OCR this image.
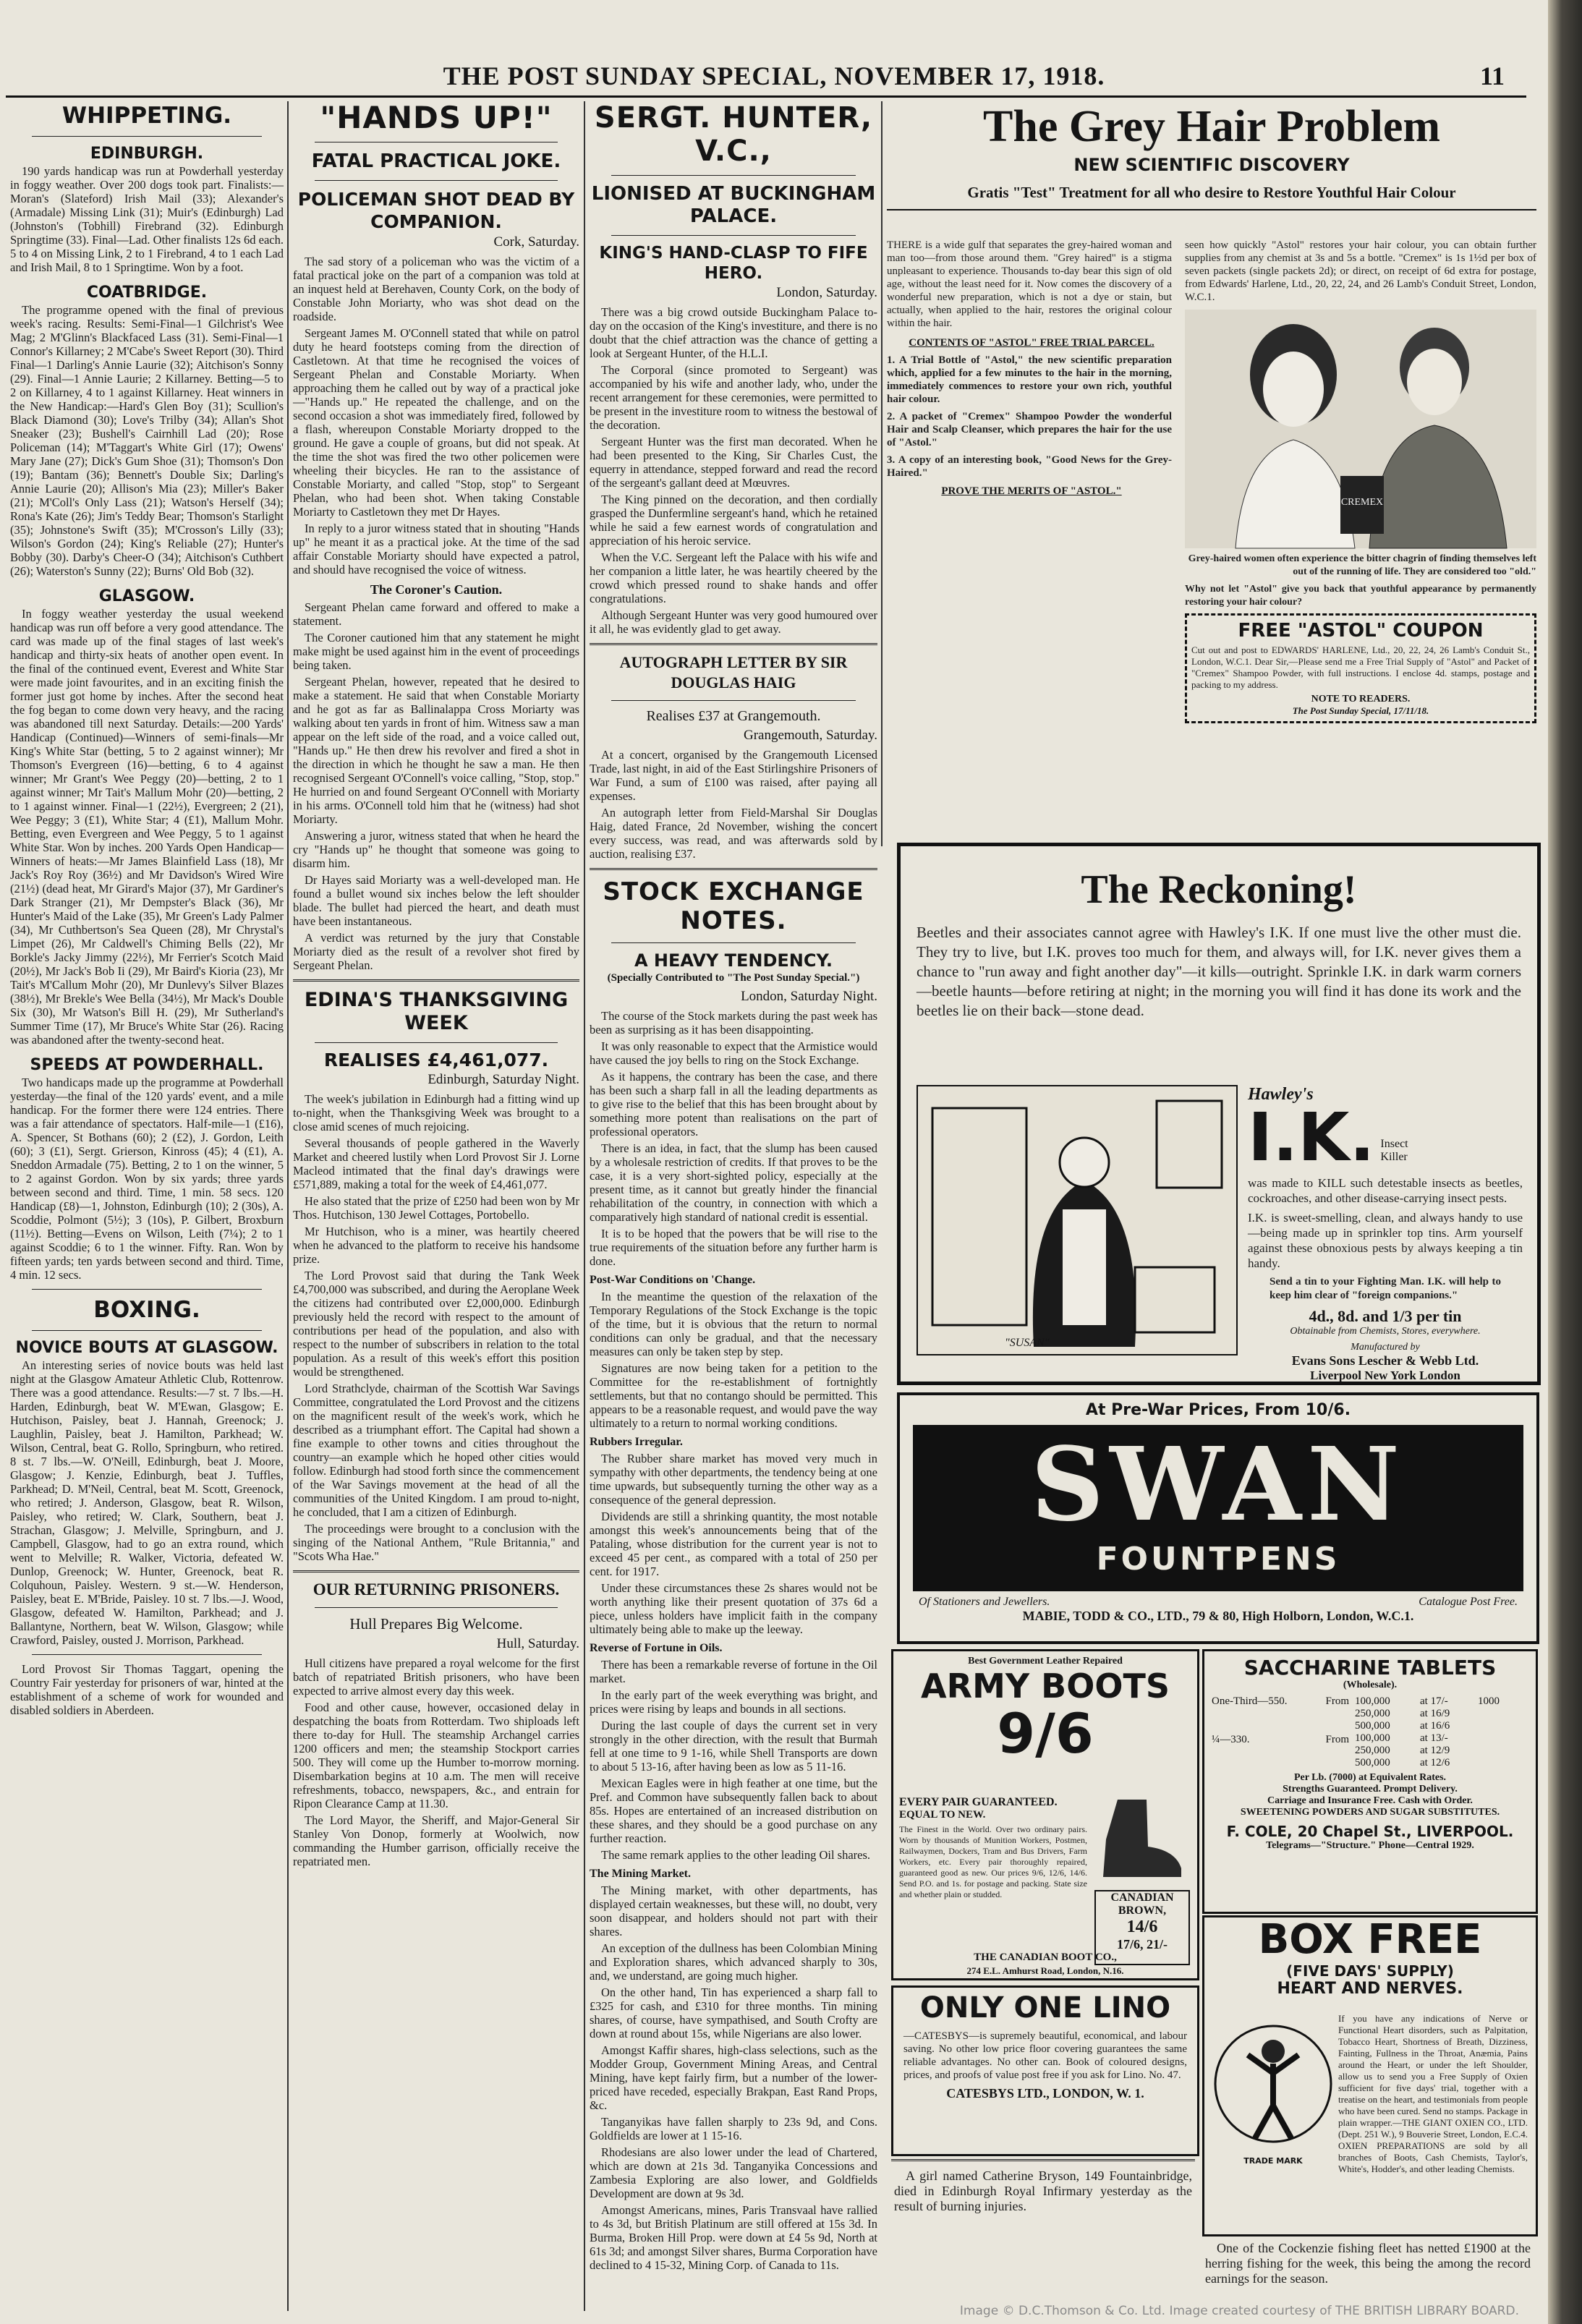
THE POST SUNDAY SPECIAL, NOVEMBER 17, 1918.	11
WHIPPETING.
EDINBURGH.

190 yards handicap was run at Powderhall yesterday in foggy weather. Over 200 dogs took part. Finalists:—Moran's (Slateford) Irish Mail (33); Alexander's (Armadale) Missing Link (31); Muir's (Edinburgh) Lad (Johnston's (Tobhill) Firebrand (32). Edinburgh Springtime (33). Final—Lad. Other finalists 12s 6d each. 5 to 4 on Missing Link, 2 to 1 Firebrand, 4 to 1 each Lad and Irish Mail, 8 to 1 Springtime. Won by a foot.

COATBRIDGE.

The programme opened with the final of previous week's racing. Results: Semi-Final—1 Gilchrist's Wee Mag; 2 M'Glinn's Blackfaced Lass (31). Semi-Final—1 Connor's Killarney; 2 M'Cabe's Sweet Report (30). Third Final—1 Darling's Annie Laurie (32); Aitchison's Sonny (29). Final—1 Annie Laurie; 2 Killarney. Betting—5 to 2 on Killarney, 4 to 1 against Killarney. Heat winners in the New Handicap:—Hard's Glen Boy (31); Scullion's Black Diamond (30); Love's Trilby (34); Allan's Shot Sneaker (23); Bushell's Cairnhill Lad (20); Rose Policeman (14); M'Taggart's White Girl (17); Owens' Mary Jane (27); Dick's Gum Shoe (31); Thomson's Don (19); Bantam (36); Bennett's Double Six; Darling's Annie Laurie (20); Allison's Mia (23); Miller's Baker (21); M'Coll's Only Lass (21); Watson's Herself (34); Rona's Kate (26); Jim's Teddy Bear; Thomson's Starlight (35); Johnstone's Swift (35); M'Crosson's Lilly (33); Wilson's Gordon (24); King's Reliable (27); Hunter's Bobby (30). Darby's Cheer-O (34); Aitchison's Cuthbert (26); Waterston's Sunny (22); Burns' Old Bob (32).

GLASGOW.

In foggy weather yesterday the usual weekend handicap was run off before a very good attendance. The card was made up of the final stages of last week's handicap and thirty-six heats of another open event. In the final of the continued event, Everest and White Star were made joint favourites, and in an exciting finish the former just got home by inches. After the second heat the fog began to come down very heavy, and the racing was abandoned till next Saturday. Details:—200 Yards' Handicap (Continued)—Winners of semi-finals—Mr King's White Star (betting, 5 to 2 against winner); Mr Thomson's Evergreen (16)—betting, 6 to 4 against winner; Mr Grant's Wee Peggy (20)—betting, 2 to 1 against winner; Mr Tait's Mallum Mohr (20)—betting, 2 to 1 against winner. Final—1 (22½), Evergreen; 2 (21), Wee Peggy; 3 (£1), White Star; 4 (£1), Mallum Mohr. Betting, even Evergreen and Wee Peggy, 5 to 1 against White Star. Won by inches. 200 Yards Open Handicap—Winners of heats:—Mr James Blainfield Lass (18), Mr Jack's Roy Roy (36½) and Mr Davidson's Wired Wire (21½) (dead heat, Mr Girard's Major (37), Mr Gardiner's Dark Stranger (21), Mr Dempster's Black (36), Mr Hunter's Maid of the Lake (35), Mr Green's Lady Palmer (34), Mr Cuthbertson's Sea Queen (28), Mr Chrystal's Limpet (26), Mr Caldwell's Chiming Bells (22), Mr Borkle's Jacky Jimmy (22½), Mr Ferrier's Scotch Maid (20½), Mr Jack's Bob Ii (29), Mr Baird's Kioria (23), Mr Tait's M'Callum Mohr (20), Mr Dunlevy's Silver Blazes (38½), Mr Brekle's Wee Bella (34½), Mr Mack's Double Six (30), Mr Watson's Bill H. (29), Mr Sutherland's Summer Time (17), Mr Bruce's White Star (26). Racing was abandoned after the twenty-second heat.

SPEEDS AT POWDERHALL.

Two handicaps made up the programme at Powderhall yesterday—the final of the 120 yards' event, and a mile handicap. For the former there were 124 entries. There was a fair attendance of spectators. Half-mile—1 (£16), A. Spencer, St Bothans (60); 2 (£2), J. Gordon, Leith (60); 3 (£1), Sergt. Grierson, Kinross (45); 4 (£1), A. Sneddon Armadale (75). Betting, 2 to 1 on the winner, 5 to 2 against Gordon. Won by six yards; three yards between second and third. Time, 1 min. 58 secs. 120 Handicap (£8)—1, Johnston, Edinburgh (10); 2 (30s), A. Scoddie, Polmont (5½); 3 (10s), P. Gilbert, Broxburn (11½). Betting—Evens on Wilson, Leith (7¼); 2 to 1 against Scoddie; 6 to 1 the winner. Fifty. Ran. Won by fifteen yards; ten yards between second and third. Time, 4 min. 12 secs.

BOXING.
NOVICE BOUTS AT GLASGOW.

An interesting series of novice bouts was held last night at the Glasgow Amateur Athletic Club, Rottenrow. There was a good attendance. Results:—7 st. 7 lbs.—H. Harden, Edinburgh, beat W. M'Ewan, Glasgow; E. Hutchison, Paisley, beat J. Hannah, Greenock; J. Laughlin, Paisley, beat J. Hamilton, Parkhead; W. Wilson, Central, beat G. Rollo, Springburn, who retired. 8 st. 7 lbs.—W. O'Neill, Edinburgh, beat J. Moore, Glasgow; J. Kenzie, Edinburgh, beat J. Tuffles, Parkhead; D. M'Neil, Central, beat M. Scott, Greenock, who retired; J. Anderson, Glasgow, beat R. Wilson, Paisley, who retired; W. Clark, Southern, beat J. Strachan, Glasgow; J. Melville, Springburn, and J. Campbell, Glasgow, had to go an extra round, which went to Melville; R. Walker, Victoria, defeated W. Dunlop, Greenock; W. Hunter, Greenock, beat R. Colquhoun, Paisley. Western. 9 st.—W. Henderson, Paisley, beat E. M'Bride, Paisley. 10 st. 7 lbs.—J. Wood, Glasgow, defeated W. Hamilton, Parkhead; and J. Ballantyne, Northern, beat W. Wilson, Glasgow; while Crawford, Paisley, ousted J. Morrison, Parkhead.

Lord Provost Sir Thomas Taggart, opening the Country Fair yesterday for prisoners of war, hinted at the establishment of a scheme of work for wounded and disabled soldiers in Aberdeen.

"HANDS UP!"
FATAL PRACTICAL JOKE.
POLICEMAN SHOT DEAD BY COMPANION.
Cork, Saturday.

The sad story of a policeman who was the victim of a fatal practical joke on the part of a companion was told at an inquest held at Berehaven, County Cork, on the body of Constable John Moriarty, who was shot dead on the roadside.

Sergeant James M. O'Connell stated that while on patrol duty he heard footsteps coming from the direction of Castletown. At that time he recognised the voices of Sergeant Phelan and Constable Moriarty. When approaching them he called out by way of a practical joke—"Hands up." He repeated the challenge, and on the second occasion a shot was immediately fired, followed by a flash, whereupon Constable Moriarty dropped to the ground. He gave a couple of groans, but did not speak. At the time the shot was fired the two other policemen were wheeling their bicycles. He ran to the assistance of Constable Moriarty, and called "Stop, stop" to Sergeant Phelan, who had been shot. When taking Constable Moriarty to Castletown they met Dr Hayes.

In reply to a juror witness stated that in shouting "Hands up" he meant it as a practical joke. At the time of the sad affair Constable Moriarty should have expected a patrol, and should have recognised the voice of witness.

The Coroner's Caution.

Sergeant Phelan came forward and offered to make a statement.

The Coroner cautioned him that any statement he might make might be used against him in the event of proceedings being taken.

Sergeant Phelan, however, repeated that he desired to make a statement. He said that when Constable Moriarty and he got as far as Ballinalappa Cross Moriarty was walking about ten yards in front of him. Witness saw a man appear on the left side of the road, and a voice called out, "Hands up." He then drew his revolver and fired a shot in the direction in which he thought he saw a man. He then recognised Sergeant O'Connell's voice calling, "Stop, stop." He hurried on and found Sergeant O'Connell with Moriarty in his arms. O'Connell told him that he (witness) had shot Moriarty.

Answering a juror, witness stated that when he heard the cry "Hands up" he thought that someone was going to disarm him.

Dr Hayes said Moriarty was a well-developed man. He found a bullet wound six inches below the left shoulder blade. The bullet had pierced the heart, and death must have been instantaneous.

A verdict was returned by the jury that Constable Moriarty died as the result of a revolver shot fired by Sergeant Phelan.

EDINA'S THANKSGIVING WEEK
REALISES £4,461,077.
Edinburgh, Saturday Night.

The week's jubilation in Edinburgh had a fitting wind up to-night, when the Thanksgiving Week was brought to a close amid scenes of much rejoicing.

Several thousands of people gathered in the Waverly Market and cheered lustily when Lord Provost Sir J. Lorne Macleod intimated that the final day's drawings were £571,889, making a total for the week of £4,461,077.

He also stated that the prize of £250 had been won by Mr Thos. Hutchison, 130 Jewel Cottages, Portobello.

Mr Hutchison, who is a miner, was heartily cheered when he advanced to the platform to receive his handsome prize.

The Lord Provost said that during the Tank Week £4,700,000 was subscribed, and during the Aeroplane Week the citizens had contributed over £2,000,000. Edinburgh previously held the record with respect to the amount of contributions per head of the population, and also with respect to the number of subscribers in relation to the total population. As a result of this week's effort this position would be strengthened.

Lord Strathclyde, chairman of the Scottish War Savings Committee, congratulated the Lord Provost and the citizens on the magnificent result of the week's work, which he described as a triumphant effort. The Capital had shown a fine example to other towns and cities throughout the country—an example which he hoped other cities would follow. Edinburgh had stood forth since the commencement of the War Savings movement at the head of all the communities of the United Kingdom. I am proud to-night, he concluded, that I am a citizen of Edinburgh.

The proceedings were brought to a conclusion with the singing of the National Anthem, "Rule Britannia," and "Scots Wha Hae."

OUR RETURNING PRISONERS.

Hull Prepares Big Welcome.

Hull, Saturday.

Hull citizens have prepared a royal welcome for the first batch of repatriated British prisoners, who have been expected to arrive almost every day this week.

Food and other cause, however, occasioned delay in despatching the boats from Rotterdam. Two shiploads left there to-day for Hull. The steamship Archangel carries 1200 officers and men; the steamship Stockport carries 500. They will come up the Humber to-morrow morning. Disembarkation begins at 10 a.m. The men will receive refreshments, tobacco, newspapers, &c., and entrain for Ripon Clearance Camp at 11.30.

The Lord Mayor, the Sheriff, and Major-General Sir Stanley Von Donop, formerly at Woolwich, now commanding the Humber garrison, officially receive the repatriated men.

SERGT. HUNTER, V.C.,
LIONISED AT BUCKINGHAM PALACE.
KING'S HAND-CLASP TO FIFE HERO.
London, Saturday.

There was a big crowd outside Buckingham Palace to-day on the occasion of the King's investiture, and there is no doubt that the chief attraction was the chance of getting a look at Sergeant Hunter, of the H.L.I.

The Corporal (since promoted to Sergeant) was accompanied by his wife and another lady, who, under the recent arrangement for these ceremonies, were permitted to be present in the investiture room to witness the bestowal of the decoration.

Sergeant Hunter was the first man decorated. When he had been presented to the King, Sir Charles Cust, the equerry in attendance, stepped forward and read the record of the sergeant's gallant deed at Mœuvres.

The King pinned on the decoration, and then cordially grasped the Dunfermline sergeant's hand, which he retained while he said a few earnest words of congratulation and appreciation of his heroic service.

When the V.C. Sergeant left the Palace with his wife and her companion a little later, he was heartily cheered by the crowd which pressed round to shake hands and offer congratulations.

Although Sergeant Hunter was very good humoured over it all, he was evidently glad to get away.

AUTOGRAPH LETTER BY SIR DOUGLAS HAIG

Realises £37 at Grangemouth.

Grangemouth, Saturday.

At a concert, organised by the Grangemouth Licensed Trade, last night, in aid of the East Stirlingshire Prisoners of War Fund, a sum of £100 was raised, after paying all expenses.

An autograph letter from Field-Marshal Sir Douglas Haig, dated France, 2d November, wishing the concert every success, was read, and was afterwards sold by auction, realising £37.

STOCK EXCHANGE NOTES.
A HEAVY TENDENCY.
(Specially Contributed to "The Post Sunday Special.")
London, Saturday Night.

The course of the Stock markets during the past week has been as surprising as it has been disappointing.

It was only reasonable to expect that the Armistice would have caused the joy bells to ring on the Stock Exchange.

As it happens, the contrary has been the case, and there has been such a sharp fall in all the leading departments as to give rise to the belief that this has been brought about by something more potent than realisations on the part of professional operators.

There is an idea, in fact, that the slump has been caused by a wholesale restriction of credits. If that proves to be the case, it is a very short-sighted policy, especially at the present time, as it cannot but greatly hinder the financial rehabilitation of the country, in connection with which a comparatively high standard of national credit is essential.

It is to be hoped that the powers that be will rise to the true requirements of the situation before any further harm is done.

Post-War Conditions on 'Change.

In the meantime the question of the relaxation of the Temporary Regulations of the Stock Exchange is the topic of the time, but it is obvious that the return to normal conditions can only be gradual, and that the necessary measures can only be taken step by step.

Signatures are now being taken for a petition to the Committee for the re-establishment of fortnightly settlements, but that no contango should be permitted. This appears to be a reasonable request, and would pave the way ultimately to a return to normal working conditions.

Rubbers Irregular.

The Rubber share market has moved very much in sympathy with other departments, the tendency being at one time upwards, but subsequently turning the other way as a consequence of the general depression.

Dividends are still a shrinking quantity, the most notable amongst this week's announcements being that of the Pataling, whose distribution for the current year is not to exceed 45 per cent., as compared with a total of 250 per cent. for 1917.

Under these circumstances these 2s shares would not be worth anything like their present quotation of 37s 6d a piece, unless holders have implicit faith in the company ultimately being able to make up the leeway.

Reverse of Fortune in Oils.

There has been a remarkable reverse of fortune in the Oil market.

In the early part of the week everything was bright, and prices were rising by leaps and bounds in all sections.

During the last couple of days the current set in very strongly in the other direction, with the result that Burmah fell at one time to 9 1-16, while Shell Transports are down to about 5 13-16, after having been as low as 5 11-16.

Mexican Eagles were in high feather at one time, but the Pref. and Common have subsequently fallen back to about 85s. Hopes are entertained of an increased distribution on these shares, and they should be a good purchase on any further reaction.

The same remark applies to the other leading Oil shares.

The Mining Market.

The Mining market, with other departments, has displayed certain weaknesses, but these will, no doubt, very soon disappear, and holders should not part with their shares.

An exception of the dullness has been Colombian Mining and Exploration shares, which advanced sharply to 30s, and, we understand, are going much higher.

On the other hand, Tin has experienced a sharp fall to £325 for cash, and £310 for three months. Tin mining shares, of course, have sympathised, and South Crofty are down at round about 15s, while Nigerians are also lower.

Amongst Kaffir shares, high-class selections, such as the Modder Group, Government Mining Areas, and Central Mining, have kept fairly firm, but a number of the lower-priced have receded, especially Brakpan, East Rand Props, &c.

Tanganyikas have fallen sharply to 23s 9d, and Cons. Goldfields are lower at 1 15-16.

Rhodesians are also lower under the lead of Chartered, which are down at 21s 3d. Tanganyika Concessions and Zambesia Exploring are also lower, and Goldfields Development are down at 9s 3d.

Amongst Americans, mines, Paris Transvaal have rallied to 4s 3d, but British Platinum are still offered at 15s 3d. In Burma, Broken Hill Prop. were down at £4 5s 9d, North at 61s 3d; and amongst Silver shares, Burma Corporation have declined to 4 15-32, Mining Corp. of Canada to 11s.

The Grey Hair Problem
NEW SCIENTIFIC DISCOVERY
Gratis "Test" Treatment for all who desire to Restore Youthful Hair Colour

THERE is a wide gulf that separates the grey-haired woman and man too—from those around them. "Grey haired" is a stigma unpleasant to experience. Thousands to-day bear this sign of old age, without the least need for it. Now comes the discovery of a wonderful new preparation, which is not a dye or stain, but actually, when applied to the hair, restores the original colour within the hair.

CONTENTS OF "ASTOL" FREE TRIAL PARCEL.

1. A Trial Bottle of "Astol," the new scientific preparation which, applied for a few minutes to the hair in the morning, immediately commences to restore your own rich, youthful hair colour.

2. A packet of "Cremex" Shampoo Powder the wonderful Hair and Scalp Cleanser, which prepares the hair for the use of "Astol."

3. A copy of an interesting book, "Good News for the Grey-Haired."

PROVE THE MERITS OF "ASTOL."

seen how quickly "Astol" restores your hair colour, you can obtain further supplies from any chemist at 3s and 5s a bottle. "Cremex" is 1s 1½d per box of seven packets (single packets 2d); or direct, on receipt of 6d extra for postage, from Edwards' Harlene, Ltd., 20, 22, 24, and 26 Lamb's Conduit Street, London, W.C.1.

CREMEX

Grey-haired women often experience the bitter chagrin of finding themselves left out of the running of life. They are considered too "old."

Why not let "Astol" give you back that youthful appearance by permanently restoring your hair colour?

FREE "ASTOL" COUPON

Cut out and post to EDWARDS' HARLENE, Ltd., 20, 22, 24, 26 Lamb's Conduit St., London, W.C.1. Dear Sir,—Please send me a Free Trial Supply of "Astol" and Packet of "Cremex" Shampoo Powder, with full instructions. I enclose 4d. stamps, postage and packing to my address.

NOTE TO READERS.
The Post Sunday Special, 17/11/18.
The Reckoning!

Beetles and their associates cannot agree with Hawley's I.K. If one must live the other must die. They try to live, but I.K. proves too much for them, and always will, for I.K. never gives them a chance to "run away and fight another day"—it kills—outright. Sprinkle I.K. in dark warm corners—beetle haunts—before retiring at night; in the morning you will find it has done its work and the beetles lie on their back—stone dead.

"SUSAN"
Hawley's
I.K. Insect Killer

was made to KILL such detestable insects as beetles, cockroaches, and other disease-carrying insect pests.

I.K. is sweet-smelling, clean, and always handy to use—being made up in sprinkler top tins. Arm yourself against these obnoxious pests by always keeping a tin handy.

Send a tin to your Fighting Man. I.K. will help to keep him clear of "foreign companions."

4d., 8d. and 1/3 per tin
Obtainable from Chemists, Stores, everywhere.
Manufactured by
Evans Sons Lescher & Webb Ltd.
Liverpool New York London
At Pre-War Prices, From 10/6.
SWAN
FOUNTPENS
Of Stationers and Jewellers.	Catalogue Post Free.
MABIE, TODD & CO., LTD., 79 & 80, High Holborn, London, W.C.1.
Best Government Leather Repaired
ARMY BOOTS
9/6
EVERY PAIR GUARANTEED.
EQUAL TO NEW.

The Finest in the World. Over two ordinary pairs. Worn by thousands of Munition Workers, Postmen, Railwaymen, Dockers, Tram and Bus Drivers, Farm Workers, etc. Every pair thoroughly repaired, guaranteed good as new. Our prices 9/6, 12/6, 14/6. Send P.O. and 1s. for postage and packing. State size and whether plain or studded.	CANADIAN BROWN,
14/6
17/6, 21/-
THE CANADIAN BOOT CO.,
274 E.L. Amhurst Road, London, N.16.
SACCHARINE TABLETS
(Wholesale).
One-Third—550.
¼—330.
From
From
100,000	at 17/-	1000
250,000	at 16/9
500,000	at 16/6
100,000	at 13/-
250,000	at 12/9
500,000	at 12/6
Per Lb. (7000) at Equivalent Rates.
Strengths Guaranteed. Prompt Delivery.
Carriage and Insurance Free. Cash with Order.
SWEETENING POWDERS AND SUGAR SUBSTITUTES.
F. COLE, 20 Chapel St., LIVERPOOL.
Telegrams—"Structure." Phone—Central 1929.
BOX FREE
(FIVE DAYS' SUPPLY)
HEART AND NERVES.
TRADE MARK

If you have any indications of Nerve or Functional Heart disorders, such as Palpitation, Tobacco Heart, Shortness of Breath, Dizziness, Fainting, Fullness in the Throat, Anæmia, Pains around the Heart, or under the left Shoulder, allow us to send you a Free Supply of Oxien sufficient for five days' trial, together with a treatise on the heart, and testimonials from people who have been cured. Send no stamps. Package in plain wrapper.—THE GIANT OXIEN CO., LTD. (Dept. 251 W.), 9 Bouverie Street, London, E.C.4. OXIEN PREPARATIONS are sold by all branches of Boots, Cash Chemists, Taylor's, White's, Hodder's, and other leading Chemists.

ONLY ONE LINO

—CATESBYS—is supremely beautiful, economical, and labour saving. No other low price floor covering guarantees the same reliable advantages. No other can. Book of coloured designs, prices, and proofs of value post free if you ask for Lino. No. 47.

CATESBYS LTD., LONDON, W. 1.

A girl named Catherine Bryson, 149 Fountainbridge, died in Edinburgh Royal Infirmary yesterday as the result of burning injuries.

One of the Cockenzie fishing fleet has netted £1900 at the herring fishing for the week, this being the among the record earnings for the season.

Image © D.C.Thomson & Co. Ltd. Image created courtesy of THE BRITISH LIBRARY BOARD.
